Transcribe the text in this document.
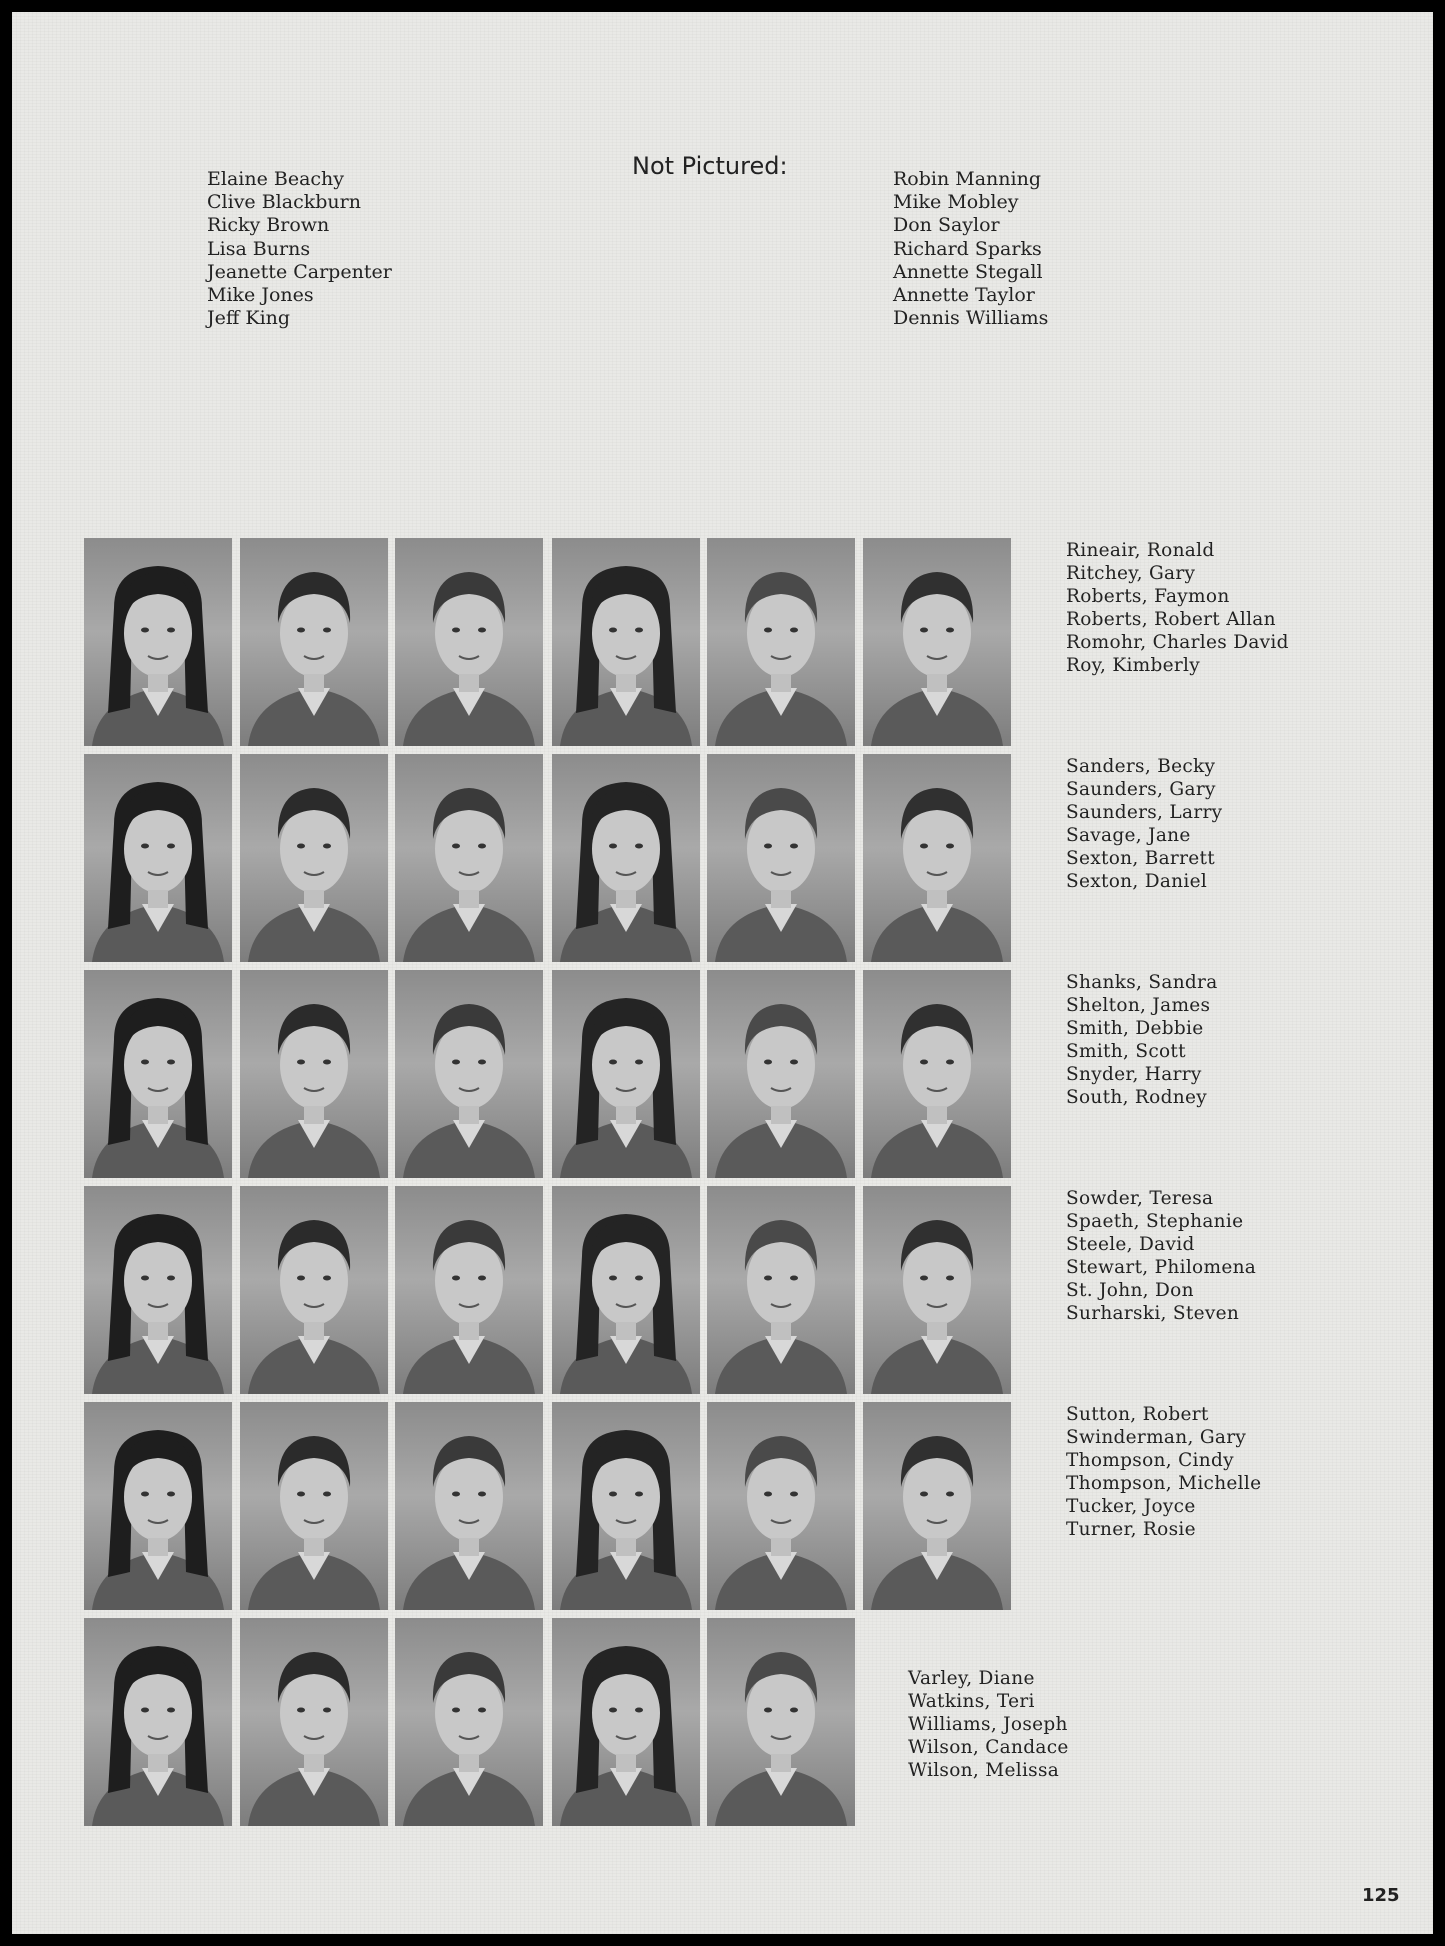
Not Pictured:
Elaine Beachy
Clive Blackburn
Ricky Brown
Lisa Burns
Jeanette Carpenter
Mike Jones
Jeff King
Robin Manning
Mike Mobley
Don Saylor
Richard Sparks
Annette Stegall
Annette Taylor
Dennis Williams
Rineair, Ronald
Ritchey, Gary
Roberts, Faymon
Roberts, Robert Allan
Romohr, Charles David
Roy, Kimberly
Sanders, Becky
Saunders, Gary
Saunders, Larry
Savage, Jane
Sexton, Barrett
Sexton, Daniel
Shanks, Sandra
Shelton, James
Smith, Debbie
Smith, Scott
Snyder, Harry
South, Rodney
Sowder, Teresa
Spaeth, Stephanie
Steele, David
Stewart, Philomena
St. John, Don
Surharski, Steven
Sutton, Robert
Swinderman, Gary
Thompson, Cindy
Thompson, Michelle
Tucker, Joyce
Turner, Rosie
Varley, Diane
Watkins, Teri
Williams, Joseph
Wilson, Candace
Wilson, Melissa
125
